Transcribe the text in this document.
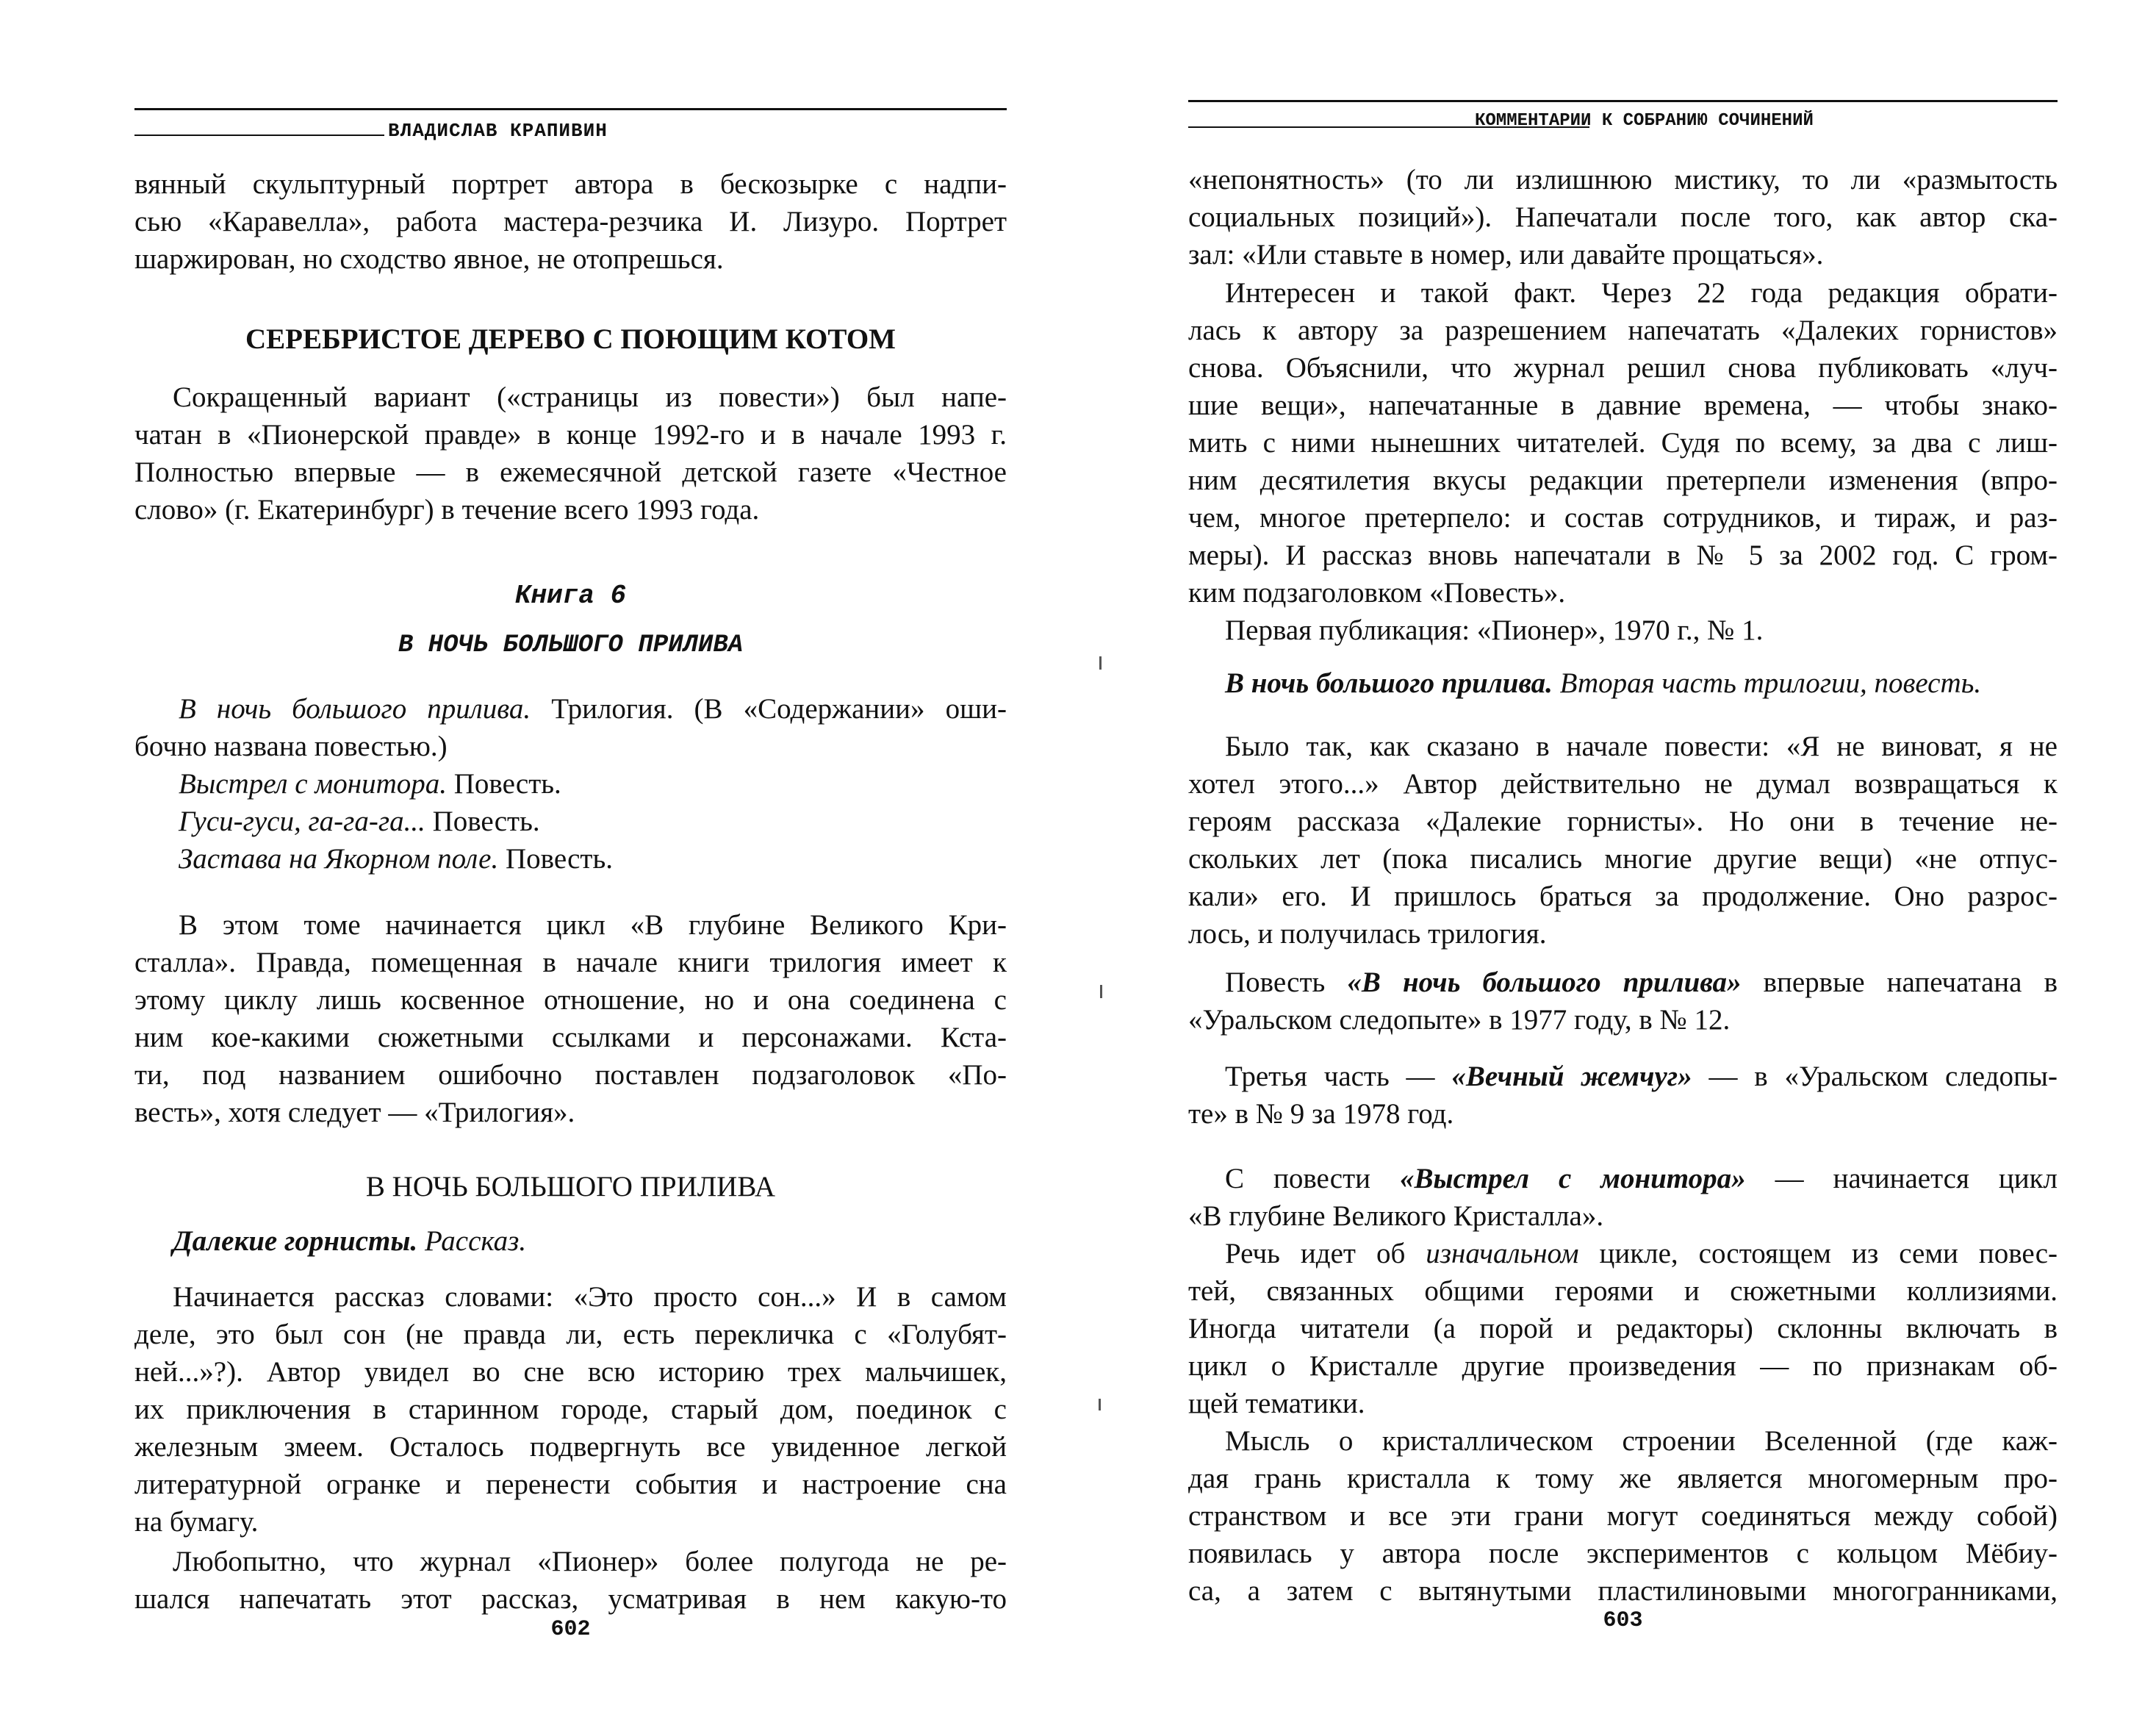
ВЛАДИСЛАВ КРАПИВИН
вянный скульптурный портрет автора в бескозырке с надпи-
сью «Каравелла», работа мастера-резчика И. Лизуро. Портрет
шаржирован, но сходство явное, не отопрешься.
СЕРЕБРИСТОЕ ДЕРЕВО С ПОЮЩИМ КОТОМ
Сокращенный вариант («страницы из повести») был напе-
чатан в «Пионерской правде» в конце 1992-го и в начале 1993 г.
Полностью впервые — в ежемесячной детской газете «Честное
слово» (г. Екатеринбург) в течение всего 1993 года.
Книга 6
В НОЧЬ БОЛЬШОГО ПРИЛИВА
В ночь большого прилива. Трилогия. (В «Содержании» оши-
бочно названа повестью.)
Выстрел с монитора. Повесть.
Гуси-гуси, га-га-га... Повесть.
Застава на Якорном поле. Повесть.
В этом томе начинается цикл «В глубине Великого Кри-
сталла». Правда, помещенная в начале книги трилогия имеет к
этому циклу лишь косвенное отношение, но и она соединена с
ним кое-какими сюжетными ссылками и персонажами. Кста-
ти, под названием ошибочно поставлен подзаголовок «По-
весть», хотя следует — «Трилогия».
В НОЧЬ БОЛЬШОГО ПРИЛИВА
Далекие горнисты. Рассказ.
Начинается рассказ словами: «Это просто сон...» И в самом
деле, это был сон (не правда ли, есть перекличка с «Голубят-
ней...»?). Автор увидел во сне всю историю трех мальчишек,
их приключения в старинном городе, старый дом, поединок с
железным змеем. Осталось подвергнуть все увиденное легкой
литературной огранке и перенести события и настроение сна
на бумагу.
Любопытно, что журнал «Пионер» более полугода не ре-
шался напечатать этот рассказ, усматривая в нем какую-то
602
КОММЕНТАРИИ К СОБРАНИЮ СОЧИНЕНИЙ
«непонятность» (то ли излишнюю мистику, то ли «размытость
социальных позиций»). Напечатали после того, как автор ска-
зал: «Или ставьте в номер, или давайте прощаться».
Интересен и такой факт. Через 22 года редакция обрати-
лась к автору за разрешением напечатать «Далеких горнистов»
снова. Объяснили, что журнал решил снова публиковать «луч-
шие вещи», напечатанные в давние времена, — чтобы знако-
мить с ними нынешних читателей. Судя по всему, за два с лиш-
ним десятилетия вкусы редакции претерпели изменения (впро-
чем, многое претерпело: и состав сотрудников, и тираж, и раз-
меры). И рассказ вновь напечатали в № 5 за 2002 год. С гром-
ким подзаголовком «Повесть».
Первая публикация: «Пионер», 1970 г., № 1.
В ночь большого прилива. Вторая часть трилогии, повесть.
Было так, как сказано в начале повести: «Я не виноват, я не
хотел этого...» Автор действительно не думал возвращаться к
героям рассказа «Далекие горнисты». Но они в течение не-
скольких лет (пока писались многие другие вещи) «не отпус-
кали» его. И пришлось браться за продолжение. Оно разрос-
лось, и получилась трилогия.
Повесть «В ночь большого прилива» впервые напечатана в
«Уральском следопыте» в 1977 году, в № 12.
Третья часть — «Вечный жемчуг» — в «Уральском следопы-
те» в № 9 за 1978 год.
С повести «Выстрел с монитора» — начинается цикл
«В глубине Великого Кристалла».
Речь идет об изначальном цикле, состоящем из семи повес-
тей, связанных общими героями и сюжетными коллизиями.
Иногда читатели (а порой и редакторы) склонны включать в
цикл о Кристалле другие произведения — по признакам об-
щей тематики.
Мысль о кристаллическом строении Вселенной (где каж-
дая грань кристалла к тому же является многомерным про-
странством и все эти грани могут соединяться между собой)
появилась у автора после экспериментов с кольцом Мёбиу-
са, а затем с вытянутыми пластилиновыми многогранниками,
603
